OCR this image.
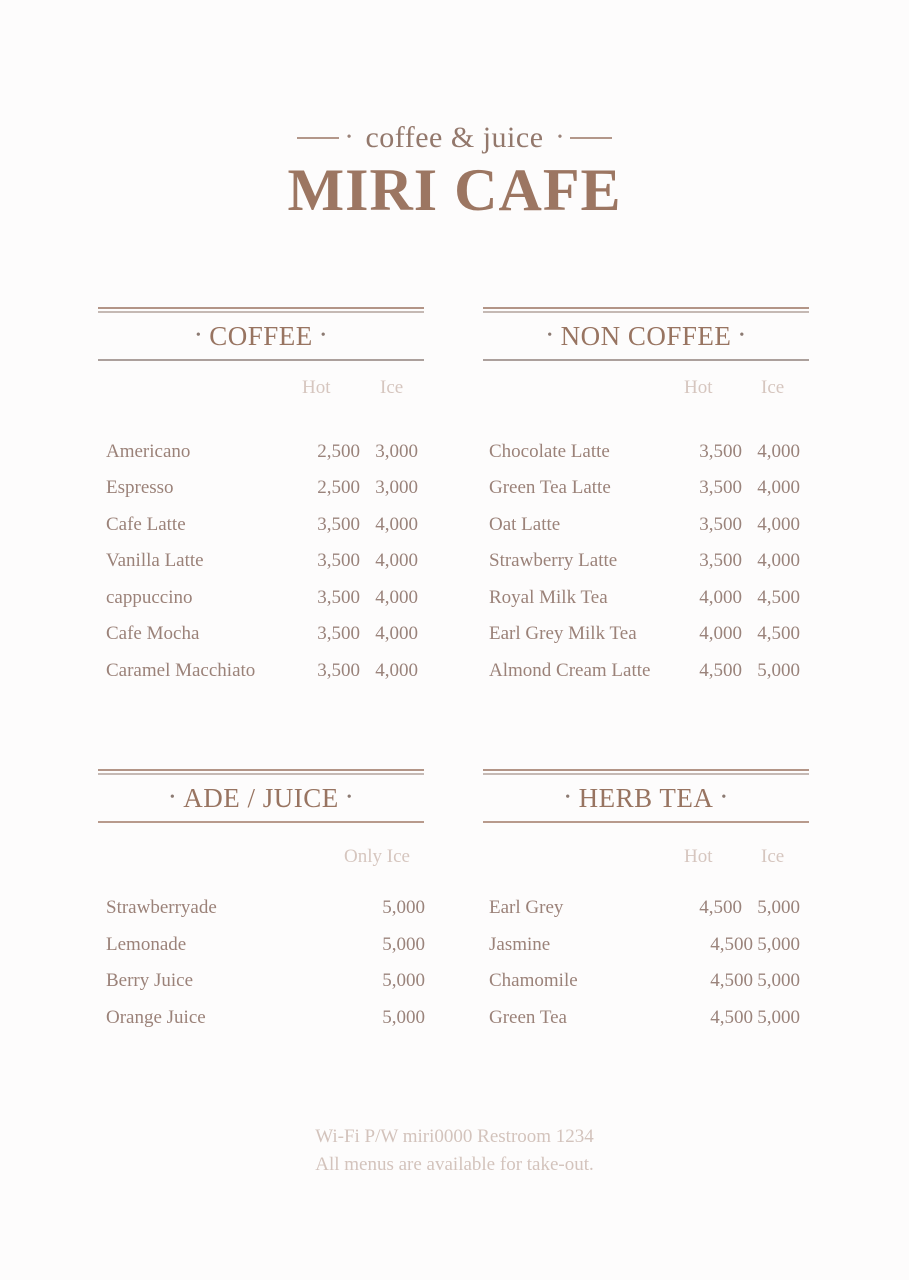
• coffee & juice	•
MIRI CAFE
• COFFEE •
Hot	Ice
Americano	2,500 3,000
Espresso	2,500 3,000
Cafe Latte	3,500 4,000
Vanilla Latte	3,500 4,000
cappuccino	3,500 4,000
Cafe Mocha	3,500 4,000
Caramel Macchiato	3,500 4,000
• NON COFFEE •
Hot	Ice
Chocolate Latte	3,500 4,000
Green Tea Latte	3,500 4,000
Oat Latte	3,500 4,000
Strawberry Latte	3,500 4,000
Royal Milk Tea	4,000 4,500
Earl Grey Milk Tea	4,000 4,500
Almond Cream Latte	4,500 5,000
• ADE / JUICE •
Only Ice
Strawberryade	5,000
Lemonade	5,000
Berry Juice	5,000
Orange Juice	5,000
• HERB TEA •
Hot	Ice
Earl Grey	4,500 5,000
Jasmine	4,500 5,000
Chamomile	4,500 5,000
Green Tea	4,500 5,000
Wi-Fi P/W miri0000 Restroom 1234
All menus are available for take-out.
